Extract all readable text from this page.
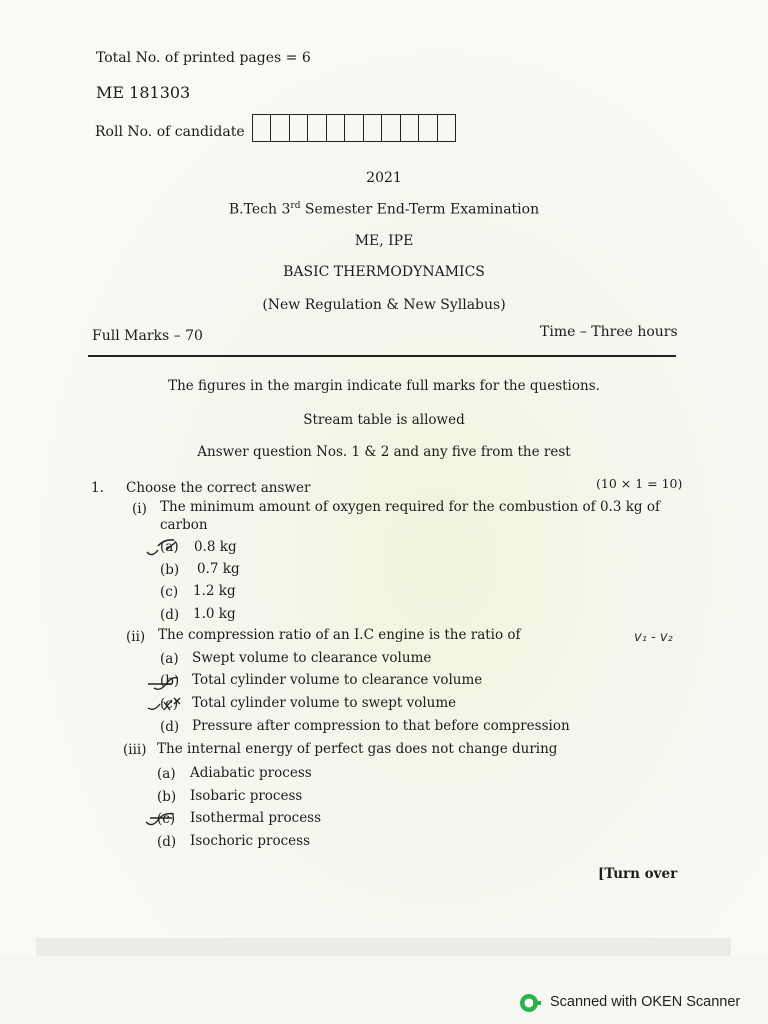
Total No. of printed pages = 6
ME 181303
Roll No. of candidate
2021
B.Tech 3rd Semester End-Term Examination
ME, IPE
BASIC THERMODYNAMICS
(New Regulation & New Syllabus)
Full Marks – 70	Time – Three hours
The figures in the margin indicate full marks for the questions.
Stream table is allowed
Answer question Nos. 1 & 2 and any five from the rest
1. Choose the correct answer	(10 × 1 = 10)
(i) The minimum amount of oxygen required for the combustion of 0.3 kg of
carbon
(a) 0.8 kg
(b) 0.7 kg
(c) 1.2 kg
(d) 1.0 kg
(ii) The compression ratio of an I.C engine is the ratio of	v₁ - v₂
(a) Swept volume to clearance volume
(b) Total cylinder volume to clearance volume
(c) Total cylinder volume to swept volume
(d) Pressure after compression to that before compression
(iii) The internal energy of perfect gas does not change during
(a) Adiabatic process
(b) Isobaric process
(c) Isothermal process
(d) Isochoric process
[Turn over
Scanned with OKEN Scanner
